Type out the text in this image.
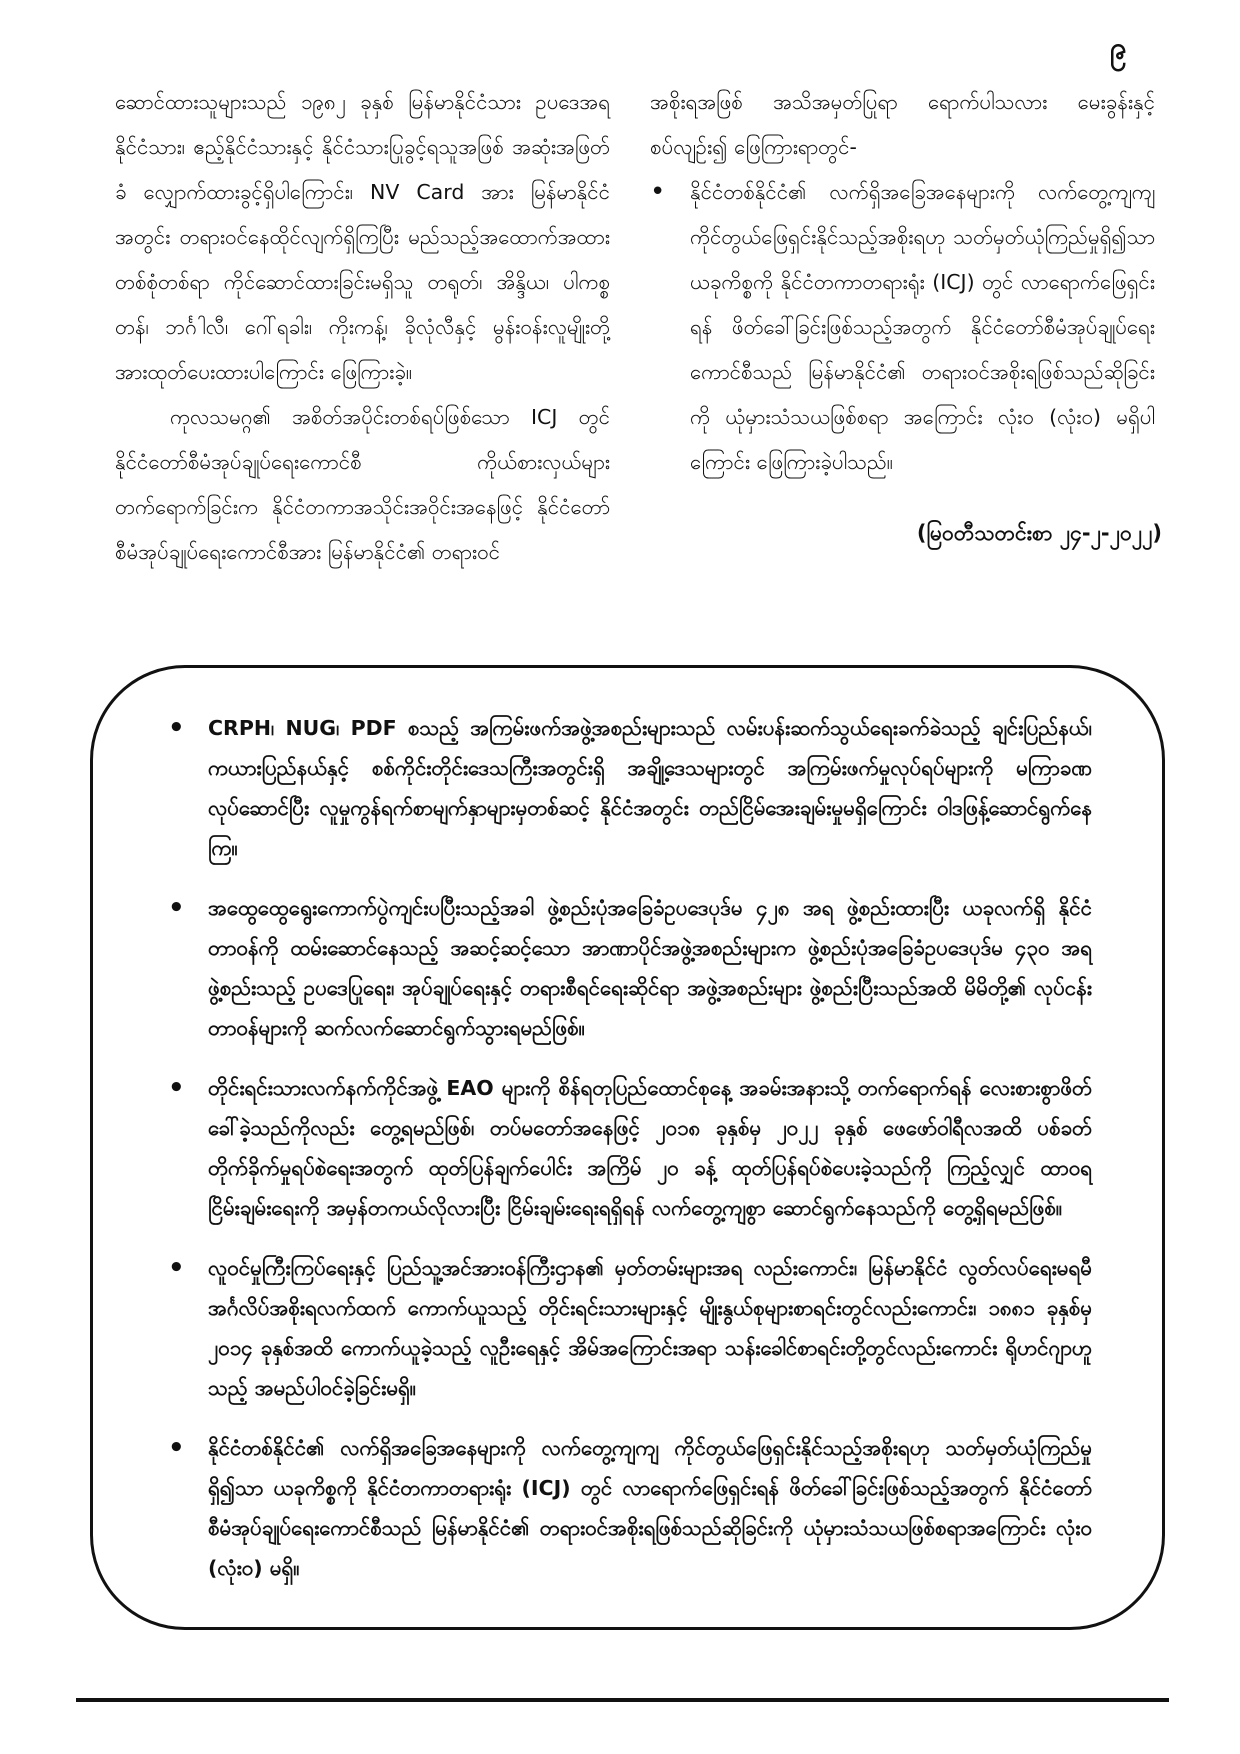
၉

ဆောင်ထားသူများသည် ၁၉၈၂ ခုနှစ် မြန်မာနိုင်ငံသား ဥပဒေအရ နိုင်ငံသား၊ ဧည့်နိုင်ငံသားနှင့် နိုင်ငံသားပြုခွင့်ရသူအဖြစ် အဆုံးအဖြတ်ခံ လျှောက်ထားခွင့်ရှိပါကြောင်း၊ NV Card အား မြန်မာနိုင်ငံအတွင်း တရားဝင်နေထိုင်လျက်ရှိကြပြီး မည်သည့်အထောက်အထားတစ်စုံတစ်ရာ ကိုင်ဆောင်ထားခြင်းမရှိသူ တရုတ်၊ အိန္ဒိယ၊ ပါကစ္စတန်၊ ဘင်္ဂါလီ၊ ဂေါ်ရခါး၊ ကိုးကန့်၊ ခိုလုံလီနှင့် မွန်းဝန်းလူမျိုးတို့အားထုတ်ပေးထားပါကြောင်း ဖြေကြားခဲ့။

ကုလသမဂ္ဂ၏ အစိတ်အပိုင်းတစ်ရပ်ဖြစ်သော ICJ တွင် နိုင်ငံတော်စီမံအုပ်ချုပ်ရေးကောင်စီ ကိုယ်စားလှယ်များ တက်ရောက်ခြင်းက နိုင်ငံတကာအသိုင်းအဝိုင်းအနေဖြင့် နိုင်ငံတော်စီမံအုပ်ချုပ်ရေးကောင်စီအား မြန်မာနိုင်ငံ၏ တရားဝင်

အစိုးရအဖြစ် အသိအမှတ်ပြုရာ ရောက်ပါသလား မေးခွန်းနှင့် စပ်လျဉ်း၍ ဖြေကြားရာတွင်-

• နိုင်ငံတစ်နိုင်ငံ၏ လက်ရှိအခြေအနေများကို လက်တွေ့ကျကျ ကိုင်တွယ်ဖြေရှင်းနိုင်သည့်အစိုးရဟု သတ်မှတ်ယုံကြည်မှုရှိ၍သာ ယခုကိစ္စကို နိုင်ငံတကာတရားရုံး (ICJ) တွင် လာရောက်ဖြေရှင်းရန် ဖိတ်ခေါ်ခြင်းဖြစ်သည့်အတွက် နိုင်ငံတော်စီမံအုပ်ချုပ်ရေးကောင်စီသည် မြန်မာနိုင်ငံ၏ တရားဝင်အစိုးရဖြစ်သည်ဆိုခြင်းကို ယုံမှားသံသယဖြစ်စရာ အကြောင်း လုံးဝ (လုံးဝ) မရှိပါကြောင်း ဖြေကြားခဲ့ပါသည်။
(မြဝတီသတင်းစာ ၂၄-၂-၂၀၂၂)
• CRPH၊ NUG၊ PDF စသည့် အကြမ်းဖက်အဖွဲ့အစည်းများသည် လမ်းပန်းဆက်သွယ်ရေးခက်ခဲသည့် ချင်းပြည်နယ်၊ ကယားပြည်နယ်နှင့် စစ်ကိုင်းတိုင်းဒေသကြီးအတွင်းရှိ အချို့ဒေသများတွင် အကြမ်းဖက်မှုလုပ်ရပ်များကို မကြာခဏလုပ်ဆောင်ပြီး လူမှုကွန်ရက်စာမျက်နှာများမှတစ်ဆင့် နိုင်ငံအတွင်း တည်ငြိမ်အေးချမ်းမှုမရှိကြောင်း ဝါဒဖြန့်ဆောင်ရွက်နေကြ။
• အထွေထွေရွေးကောက်ပွဲကျင်းပပြီးသည့်အခါ ဖွဲ့စည်းပုံအခြေခံဥပဒေပုဒ်မ ၄၂၈ အရ ဖွဲ့စည်းထားပြီး ယခုလက်ရှိ နိုင်ငံတာဝန်ကို ထမ်းဆောင်နေသည့် အဆင့်ဆင့်သော အာဏာပိုင်အဖွဲ့အစည်းများက ဖွဲ့စည်းပုံအခြေခံဥပဒေပုဒ်မ ၄၃၀ အရ ဖွဲ့စည်းသည့် ဥပဒေပြုရေး၊ အုပ်ချုပ်ရေးနှင့် တရားစီရင်ရေးဆိုင်ရာ အဖွဲ့အစည်းများ ဖွဲ့စည်းပြီးသည်အထိ မိမိတို့၏ လုပ်ငန်းတာဝန်များကို ဆက်လက်ဆောင်ရွက်သွားရမည်ဖြစ်။
• တိုင်းရင်းသားလက်နက်ကိုင်အဖွဲ့ EAO များကို စိန်ရတုပြည်ထောင်စုနေ့ အခမ်းအနားသို့ တက်ရောက်ရန် လေးစားစွာဖိတ်ခေါ်ခဲ့သည်ကိုလည်း တွေ့ရမည်ဖြစ်၊ တပ်မတော်အနေဖြင့် ၂၀၁၈ ခုနှစ်မှ ၂၀၂၂ ခုနှစ် ဖေဖော်ဝါရီလအထိ ပစ်ခတ်တိုက်ခိုက်မှုရပ်စဲရေးအတွက် ထုတ်ပြန်ချက်ပေါင်း အကြိမ် ၂၀ ခန့် ထုတ်ပြန်ရပ်စဲပေးခဲ့သည်ကို ကြည့်လျှင် ထာဝရငြိမ်းချမ်းရေးကို အမှန်တကယ်လိုလားပြီး ငြိမ်းချမ်းရေးရရှိရန် လက်တွေ့ကျစွာ ဆောင်ရွက်နေသည်ကို တွေ့ရှိရမည်ဖြစ်။
• လူဝင်မှုကြီးကြပ်ရေးနှင့် ပြည်သူ့အင်အားဝန်ကြီးဌာန၏ မှတ်တမ်းများအရ လည်းကောင်း၊ မြန်မာနိုင်ငံ လွတ်လပ်ရေးမရမီ အင်္ဂလိပ်အစိုးရလက်ထက် ကောက်ယူသည့် တိုင်းရင်းသားများနှင့် မျိုးနွယ်စုများစာရင်းတွင်လည်းကောင်း၊ ၁၈၈၁ ခုနှစ်မှ ၂၀၁၄ ခုနှစ်အထိ ကောက်ယူခဲ့သည့် လူဦးရေနှင့် အိမ်အကြောင်းအရာ သန်းခေါင်စာရင်းတို့တွင်လည်းကောင်း ရိုဟင်ဂျာဟူသည့် အမည်ပါဝင်ခဲ့ခြင်းမရှိ။
• နိုင်ငံတစ်နိုင်ငံ၏ လက်ရှိအခြေအနေများကို လက်တွေ့ကျကျ ကိုင်တွယ်ဖြေရှင်းနိုင်သည့်အစိုးရဟု သတ်မှတ်ယုံကြည်မှုရှိ၍သာ ယခုကိစ္စကို နိုင်ငံတကာတရားရုံး (ICJ) တွင် လာရောက်ဖြေရှင်းရန် ဖိတ်ခေါ်ခြင်းဖြစ်သည့်အတွက် နိုင်ငံတော်စီမံအုပ်ချုပ်ရေးကောင်စီသည် မြန်မာနိုင်ငံ၏ တရားဝင်အစိုးရဖြစ်သည်ဆိုခြင်းကို ယုံမှားသံသယဖြစ်စရာအကြောင်း လုံးဝ (လုံးဝ) မရှိ။
